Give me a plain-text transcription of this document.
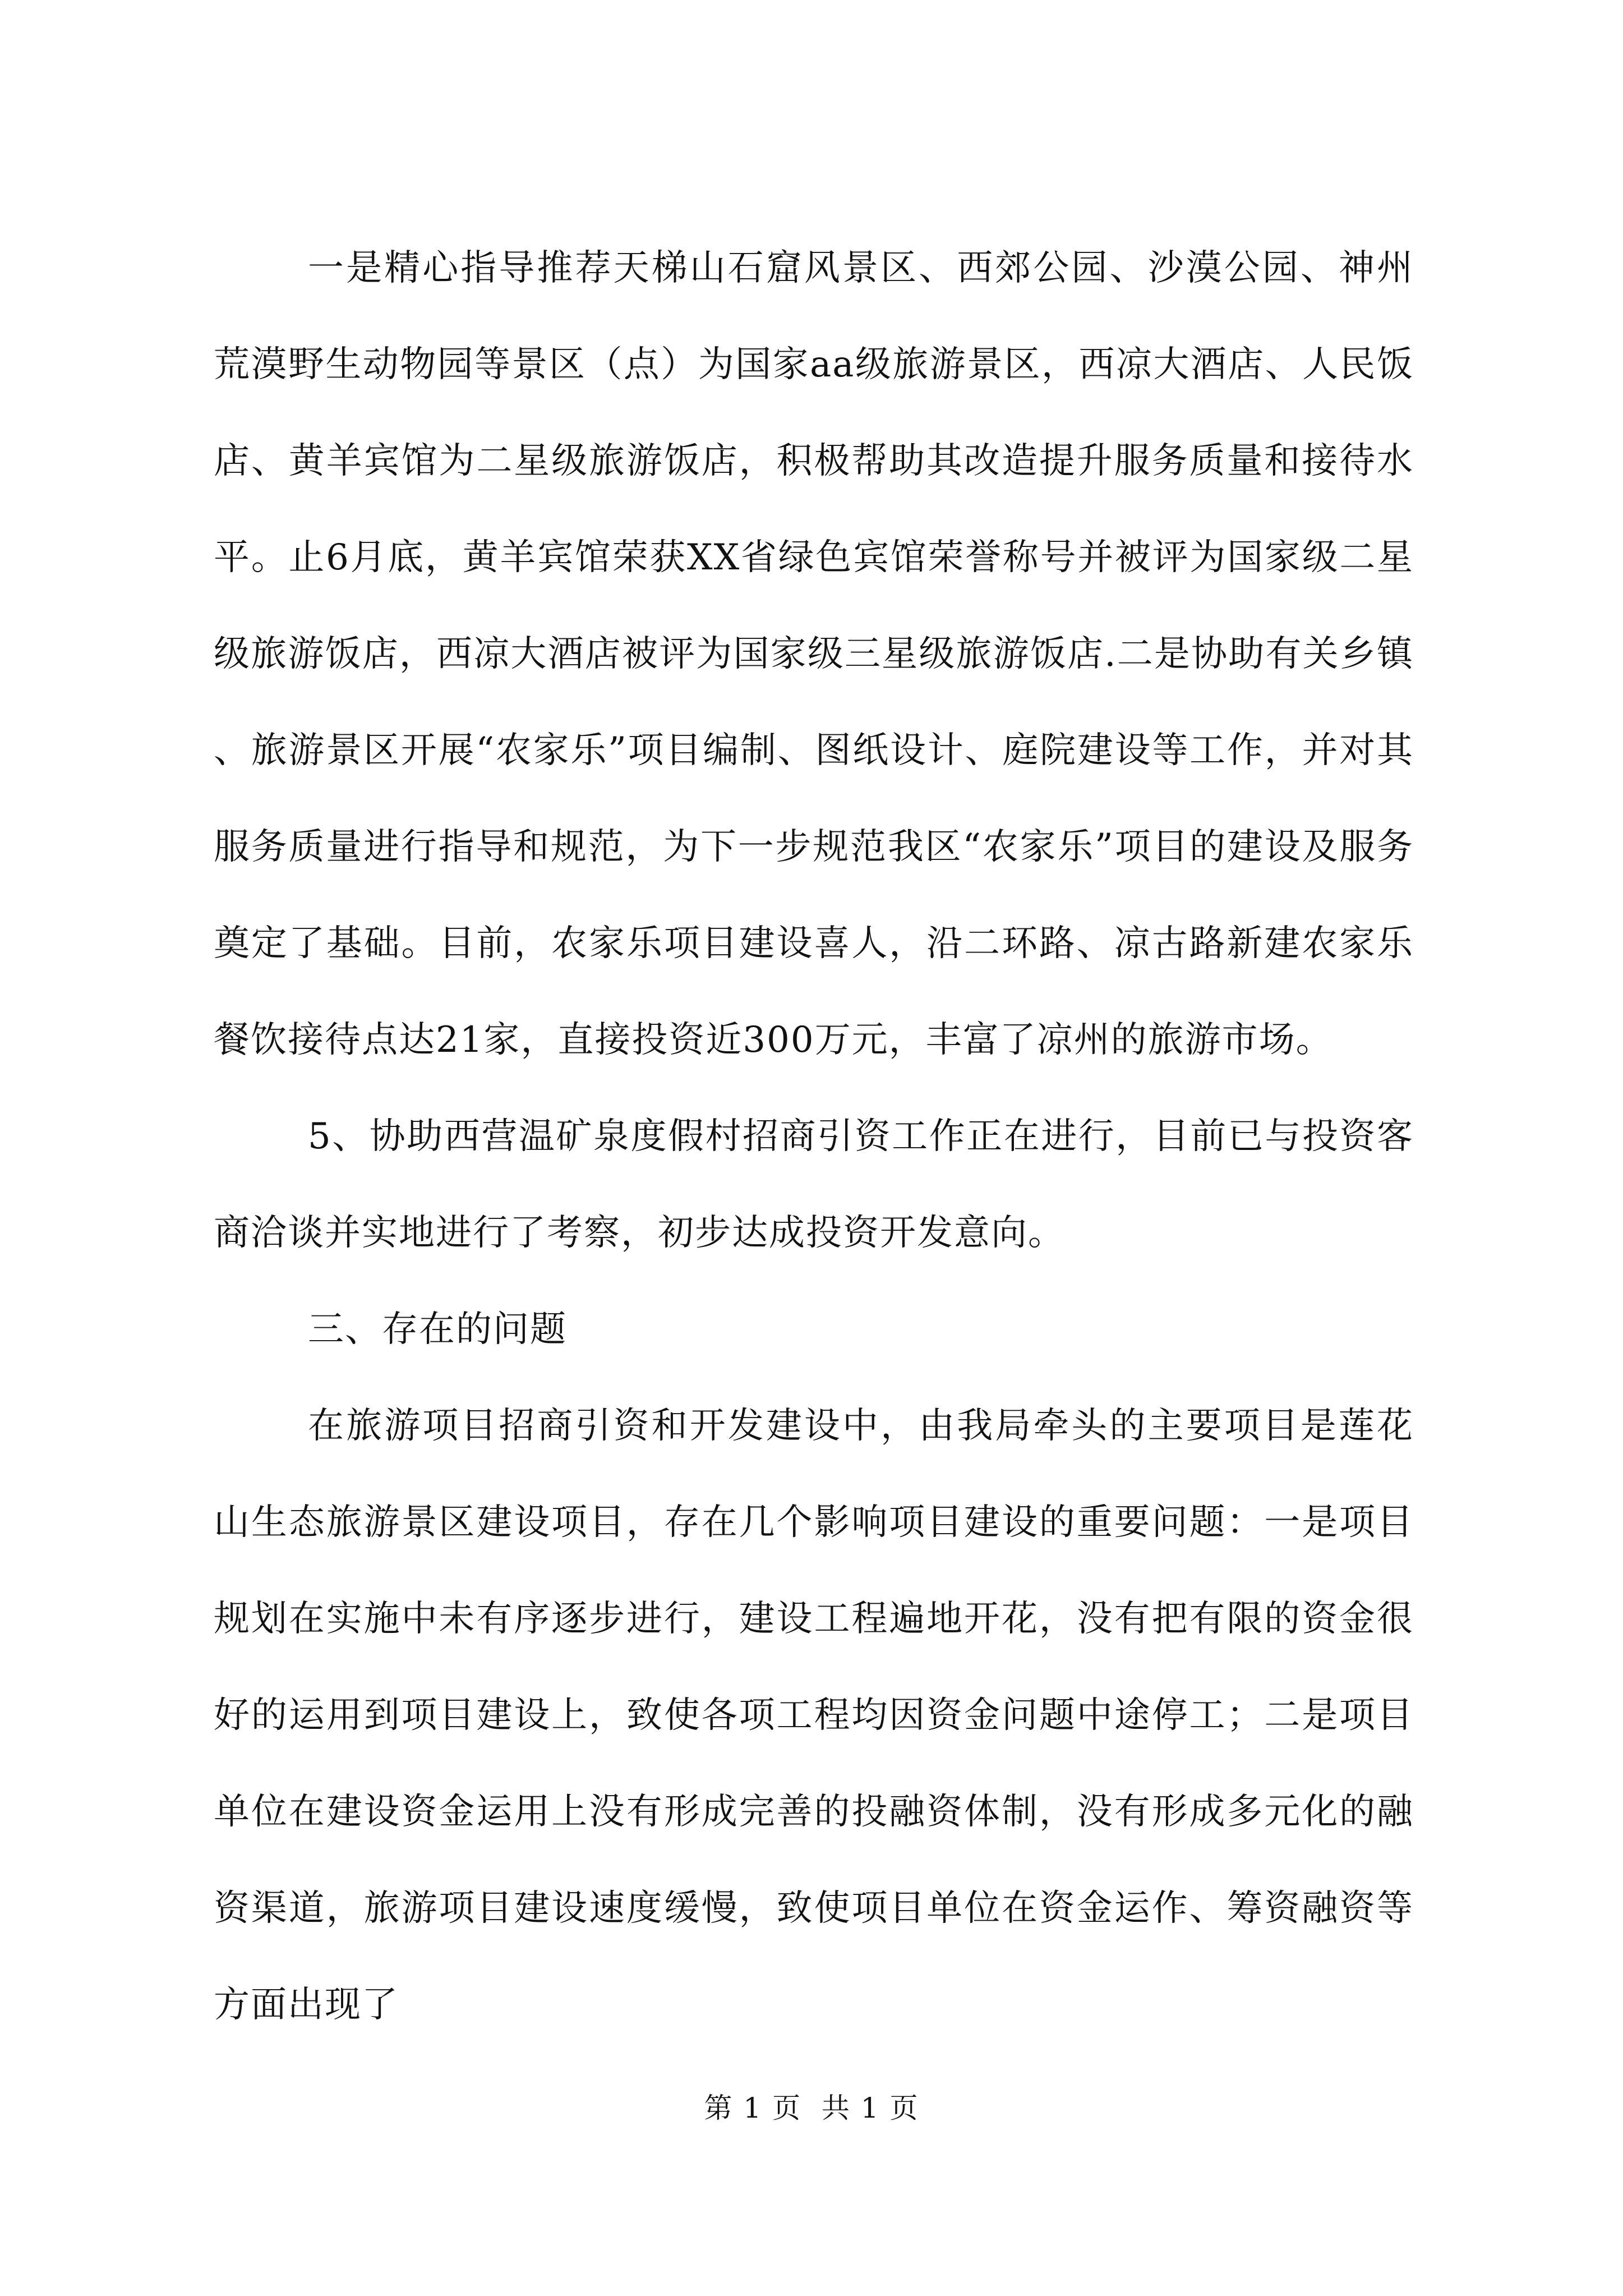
一是精心指导推荐天梯山石窟风景区、西郊公园、沙漠公园、神州荒漠野生动物园等景区（点）为国家aa级旅游景区，西凉大酒店、人民饭店、黄羊宾馆为二星级旅游饭店，积极帮助其改造提升服务质量和接待水平。止6月底，黄羊宾馆荣获XX省绿色宾馆荣誉称号并被评为国家级二星级旅游饭店，西凉大酒店被评为国家级三星级旅游饭店.二是协助有关乡镇、旅游景区开展“农家乐”项目编制、图纸设计、庭院建设等工作，并对其服务质量进行指导和规范，为下一步规范我区“农家乐”项目的建设及服务奠定了基础。目前，农家乐项目建设喜人，沿二环路、凉古路新建农家乐餐饮接待点达21家，直接投资近300万元，丰富了凉州的旅游市场。

5、协助西营温矿泉度假村招商引资工作正在进行，目前已与投资客商洽谈并实地进行了考察，初步达成投资开发意向。

三、存在的问题

在旅游项目招商引资和开发建设中，由我局牵头的主要项目是莲花山生态旅游景区建设项目，存在几个影响项目建设的重要问题：一是项目规划在实施中未有序逐步进行，建设工程遍地开花，没有把有限的资金很好的运用到项目建设上，致使各项工程均因资金问题中途停工；二是项目单位在建设资金运用上没有形成完善的投融资体制，没有形成多元化的融资渠道，旅游项目建设速度缓慢，致使项目单位在资金运作、筹资融资等方面出现了

第 1 页  共 1 页
